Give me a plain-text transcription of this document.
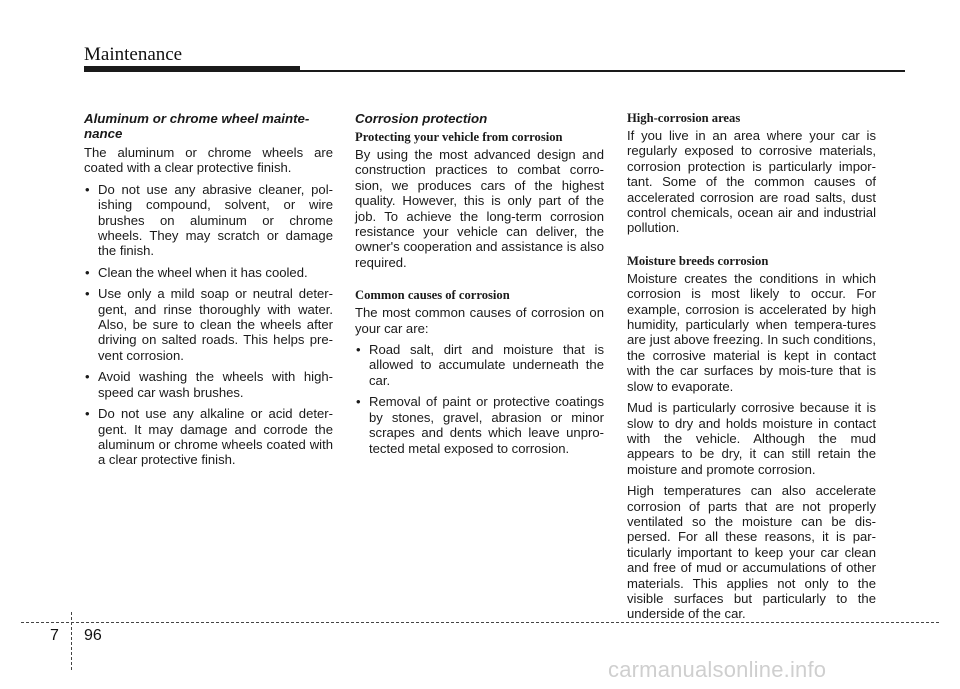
Maintenance
Aluminum or chrome wheel mainte-nance

The aluminum or chrome wheels are coated with a clear protective finish.

• Do not use any abrasive cleaner, pol-ishing compound, solvent, or wire brushes on aluminum or chrome wheels. They may scratch or damage the finish.
• Clean the wheel when it has cooled.
• Use only a mild soap or neutral deter-gent, and rinse thoroughly with water. Also, be sure to clean the wheels after driving on salted roads. This helps pre-vent corrosion.
• Avoid washing the wheels with high-speed car wash brushes.
• Do not use any alkaline or acid deter-gent. It may damage and corrode the aluminum or chrome wheels coated with a clear protective finish.
Corrosion protection
Protecting your vehicle from corrosion

By using the most advanced design and construction practices to combat corro-sion, we produces cars of the highest quality. However, this is only part of the job. To achieve the long-term corrosion resistance your vehicle can deliver, the owner's cooperation and assistance is also required.

Common causes of corrosion

The most common causes of corrosion on your car are:

• Road salt, dirt and moisture that is allowed to accumulate underneath the car.
• Removal of paint or protective coatings by stones, gravel, abrasion or minor scrapes and dents which leave unpro-tected metal exposed to corrosion.
High-corrosion areas

If you live in an area where your car is regularly exposed to corrosive materials, corrosion protection is particularly impor-tant. Some of the common causes of accelerated corrosion are road salts, dust control chemicals, ocean air and industrial pollution.

Moisture breeds corrosion

Moisture creates the conditions in which corrosion is most likely to occur. For example, corrosion is accelerated by high humidity, particularly when tempera-tures are just above freezing. In such conditions, the corrosive material is kept in contact with the car surfaces by mois-ture that is slow to evaporate.

Mud is particularly corrosive because it is slow to dry and holds moisture in contact with the vehicle. Although the mud appears to be dry, it can still retain the moisture and promote corrosion.

High temperatures can also accelerate corrosion of parts that are not properly ventilated so the moisture can be dis-persed. For all these reasons, it is par-ticularly important to keep your car clean and free of mud or accumulations of other materials. This applies not only to the visible surfaces but particularly to the underside of the car.

7 96
carmanualsonline.info
